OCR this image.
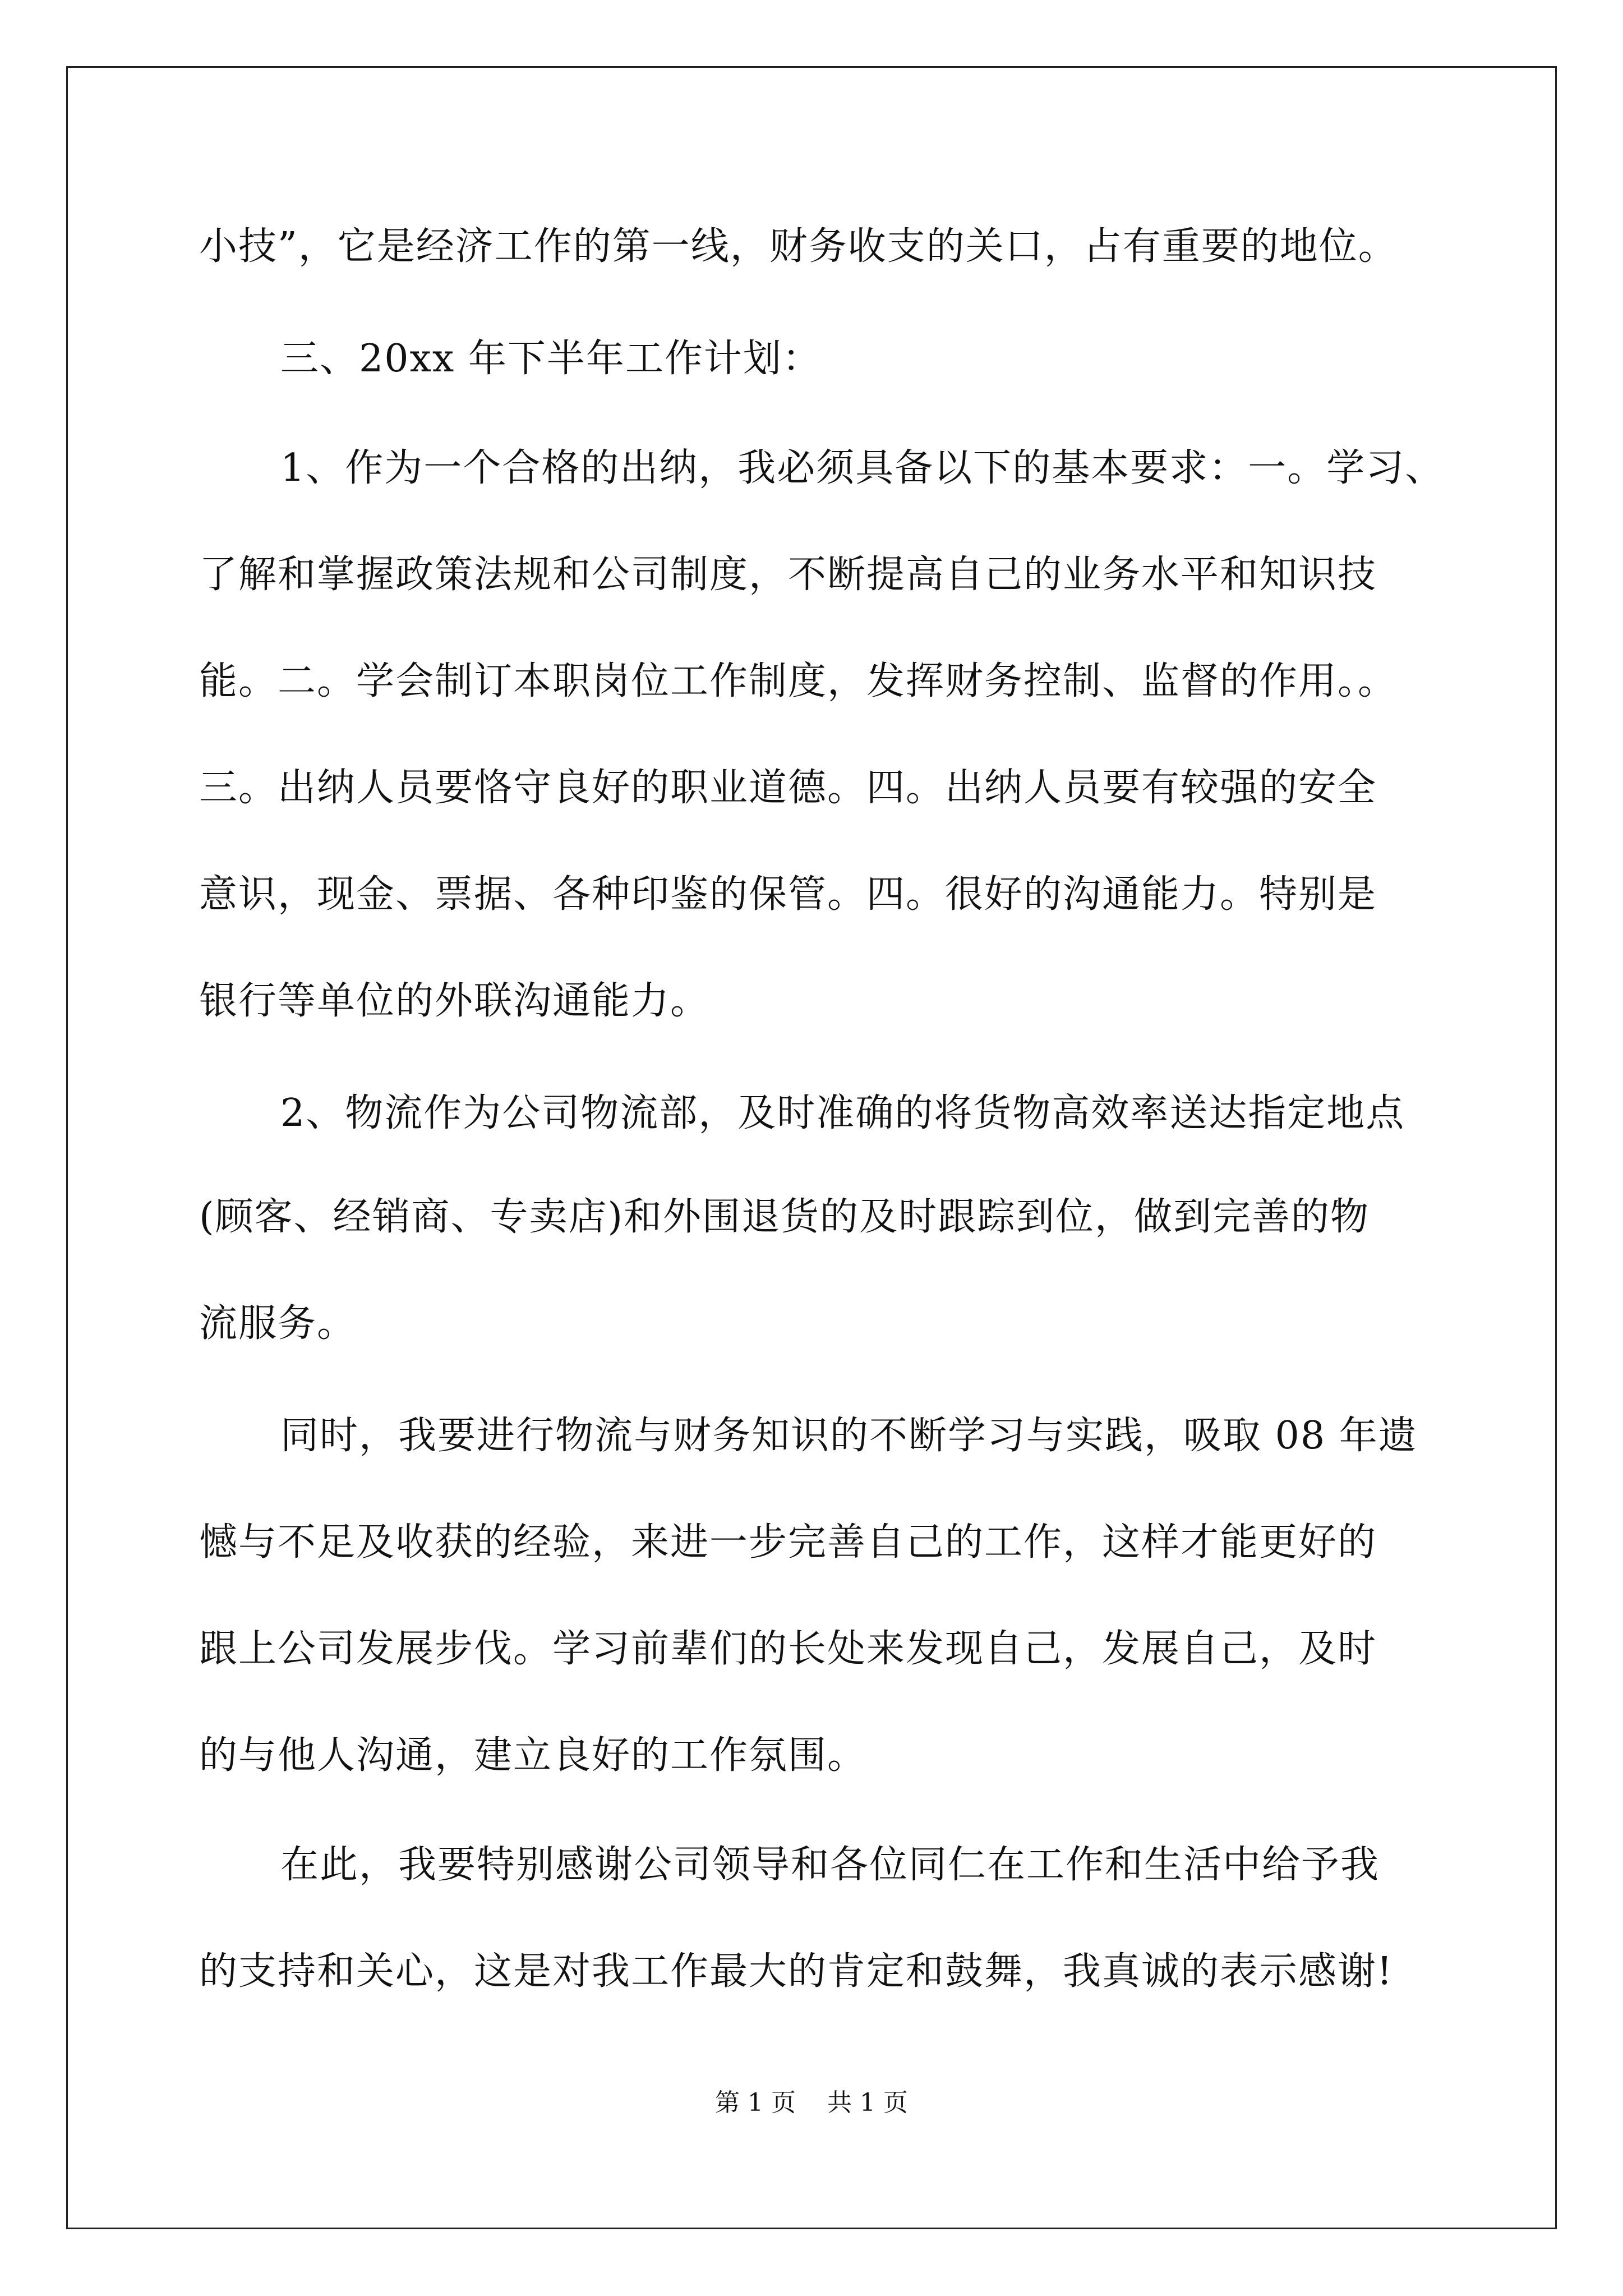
小技”，它是经济工作的第一线，财务收支的关口，占有重要的地位。
三、20xx 年下半年工作计划：
1、作为一个合格的出纳，我必须具备以下的基本要求：一。学习、
了解和掌握政策法规和公司制度，不断提高自己的业务水平和知识技
能。二。学会制订本职岗位工作制度，发挥财务控制、监督的作用。。
三。出纳人员要恪守良好的职业道德。四。出纳人员要有较强的安全
意识，现金、票据、各种印鉴的保管。四。很好的沟通能力。特别是
银行等单位的外联沟通能力。
2、物流作为公司物流部，及时准确的将货物高效率送达指定地点
(顾客、经销商、专卖店)和外围退货的及时跟踪到位，做到完善的物
流服务。
同时，我要进行物流与财务知识的不断学习与实践，吸取 08 年遗
憾与不足及收获的经验，来进一步完善自己的工作，这样才能更好的
跟上公司发展步伐。学习前辈们的长处来发现自己，发展自己，及时
的与他人沟通，建立良好的工作氛围。
在此，我要特别感谢公司领导和各位同仁在工作和生活中给予我
的支持和关心，这是对我工作最大的肯定和鼓舞，我真诚的表示感谢!
第 1 页    共 1 页
